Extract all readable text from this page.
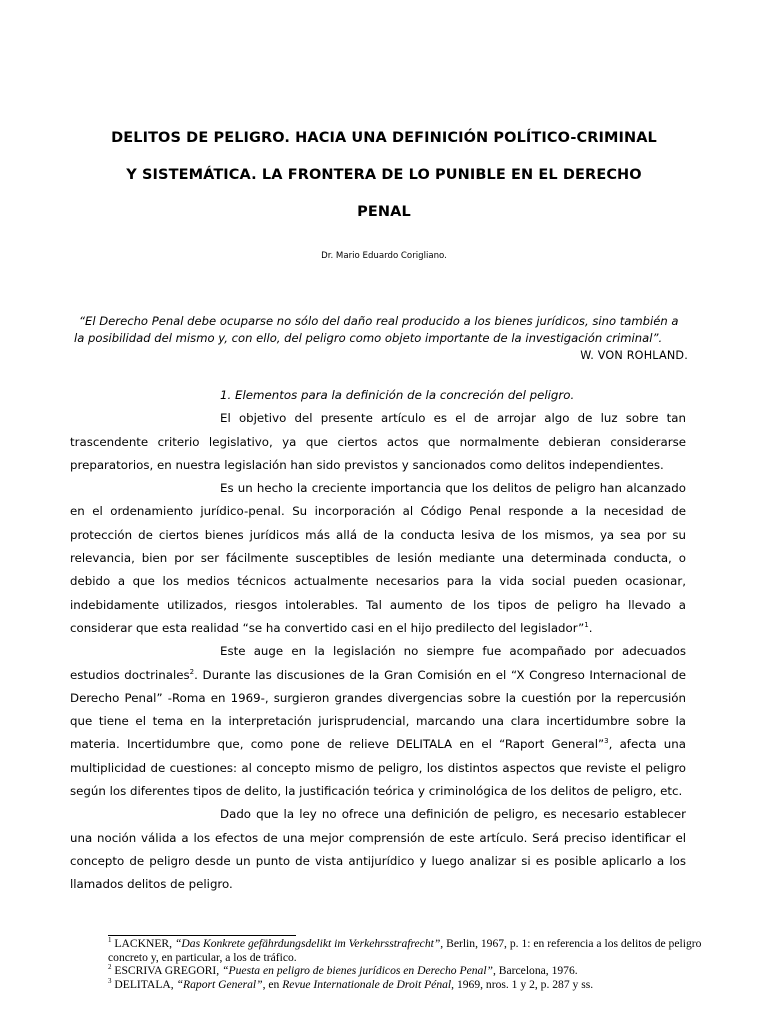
DELITOS DE PELIGRO. HACIA UNA DEFINICIÓN POLÍTICO-CRIMINAL
Y SISTEMÁTICA. LA FRONTERA DE LO PUNIBLE EN EL DERECHO
PENAL
Dr. Mario Eduardo Corigliano.
“El Derecho Penal debe ocuparse no sólo del daño real producido a los bienes jurídicos, sino también a
la posibilidad del mismo y, con ello, del peligro como objeto importante de la investigación criminal”.
W. VON ROHLAND.

1. Elementos para la definición de la concreción del peligro.

El objetivo del presente artículo es el de arrojar algo de luz sobre tan trascendente criterio legislativo, ya que ciertos actos que normalmente debieran considerarse preparatorios, en nuestra legislación han sido previstos y sancionados como delitos independientes.

Es un hecho la creciente importancia que los delitos de peligro han alcanzado en el ordenamiento jurídico-penal. Su incorporación al Código Penal responde a la necesidad de protección de ciertos bienes jurídicos más allá de la conducta lesiva de los mismos, ya sea por su relevancia, bien por ser fácilmente susceptibles de lesión mediante una determinada conducta, o debido a que los medios técnicos actualmente necesarios para la vida social pueden ocasionar, indebidamente utilizados, riesgos intolerables. Tal aumento de los tipos de peligro ha llevado a considerar que esta realidad “se ha convertido casi en el hijo predilecto del legislador”$^1$.

Este auge en la legislación no siempre fue acompañado por adecuados estudios doctrinales$^2$. Durante las discusiones de la Gran Comisión en el “X Congreso Internacional de Derecho Penal” -Roma en 1969-, surgieron grandes divergencias sobre la cuestión por la repercusión que tiene el tema en la interpretación jurisprudencial, marcando una clara incertidumbre sobre la materia. Incertidumbre que, como pone de relieve DELITALA en el “Raport General”$^3$, afecta una multiplicidad de cuestiones: al concepto mismo de peligro, los distintos aspectos que reviste el peligro según los diferentes tipos de delito, la justificación teórica y criminológica de los delitos de peligro, etc.

Dado que la ley no ofrece una definición de peligro, es necesario establecer una noción válida a los efectos de una mejor comprensión de este artículo. Será preciso identificar el concepto de peligro desde un punto de vista antijurídico y luego analizar si es posible aplicarlo a los llamados delitos de peligro.

$^1$ LACKNER, “Das Konkrete gefährdungsdelikt im Verkehrsstrafrecht”, Berlin, 1967, p. 1: en referencia a los delitos de peligro concreto y, en particular, a los de tráfico.

$^2$ ESCRIVA GREGORI, “Puesta en peligro de bienes jurídicos en Derecho Penal”, Barcelona, 1976.

$^3$ DELITALA, “Raport General”, en Revue Internationale de Droit Pénal, 1969, nros. 1 y 2, p. 287 y ss.
